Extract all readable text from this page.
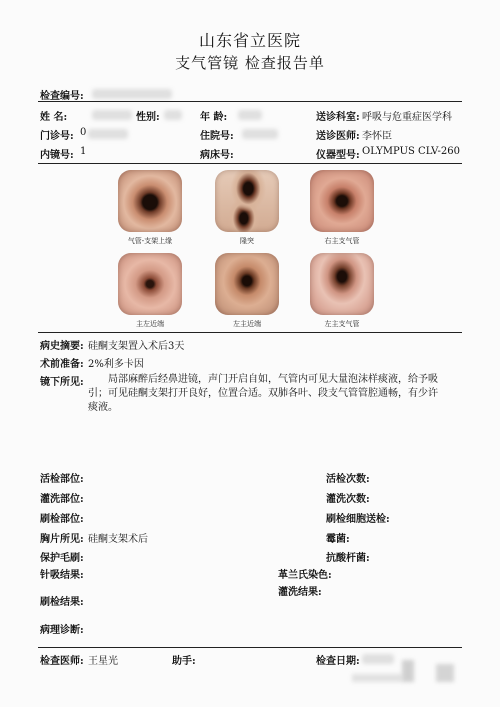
山东省立医院
支气管镜 检查报告单
检查编号:
姓 名:	性别:	年 龄:	送诊科室: 呼吸与危重症医学科
门诊号: 0	住院号:	送诊医师: 李怀臣
内镜号: 1	病床号:	仪器型号: OLYMPUS CLV-260
气管-支架上缘	隆突	右主支气管
主左近端	左主近端	左主支气管
病史摘要: 硅酮支架置入术后3天
术前准备: 2%利多卡因
镜下所见: 局部麻醉后经鼻进镜，声门开启自如，气管内可见大量泡沫样痰液，给予吸
引；可见硅酮支架打开良好，位置合适。双肺各叶、段支气管管腔通畅，有少许
痰液。
活检部位:	活检次数:
灌洗部位:	灌洗次数:
刷检部位:	刷检细胞送检:
胸片所见: 硅酮支架术后	霉菌:
保护毛刷:	抗酸杆菌:
针吸结果:	革兰氏染色:
灌洗结果:
刷检结果:
病理诊断:
检查医师: 王星光	助手:	检查日期:
